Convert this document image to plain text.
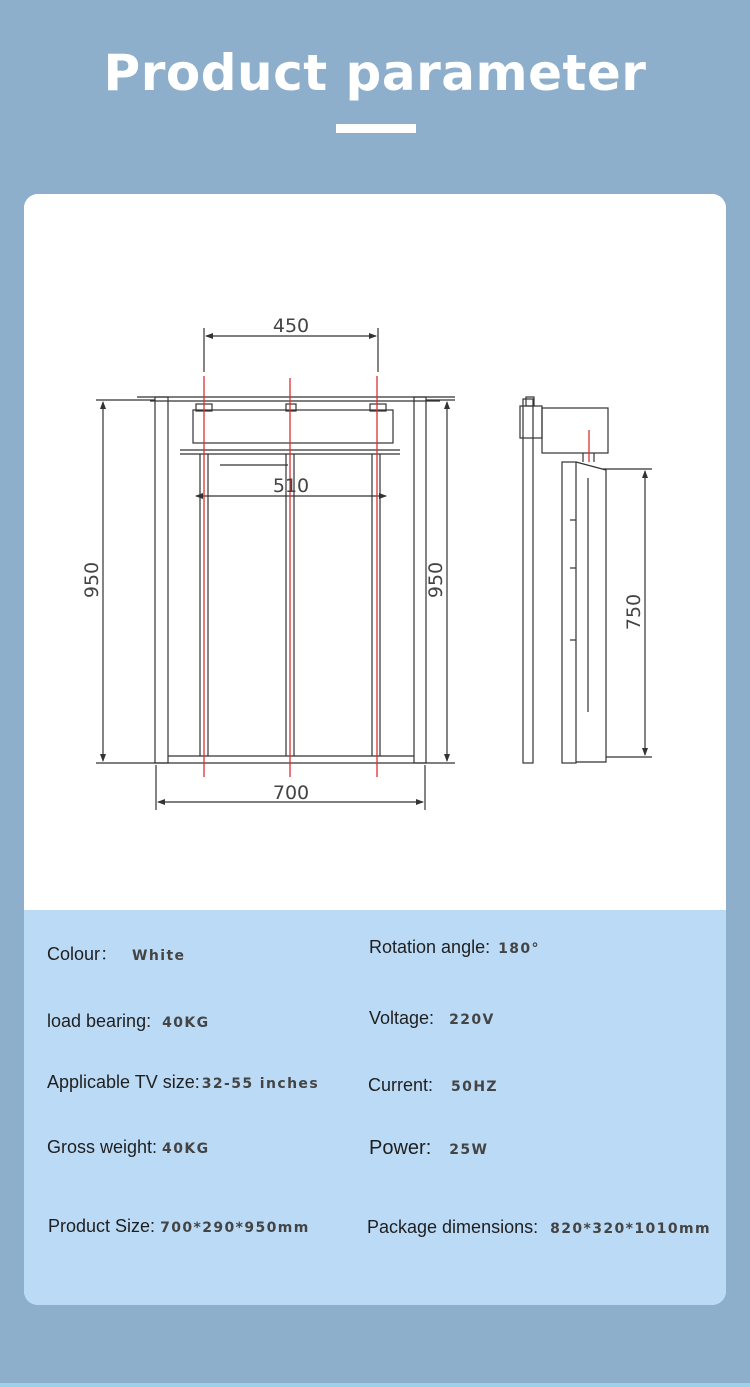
Product parameter
450
510
700
950	950
750
Colour： White	Rotation angle: 180°
load bearing: 40KG	Voltage: 220V
Applicable TV size: 32-55 inches	Current: 50HZ
Gross weight: 40KG	Power: 25W
Product Size: 700*290*950mm	Package dimensions: 820*320*1010mm
